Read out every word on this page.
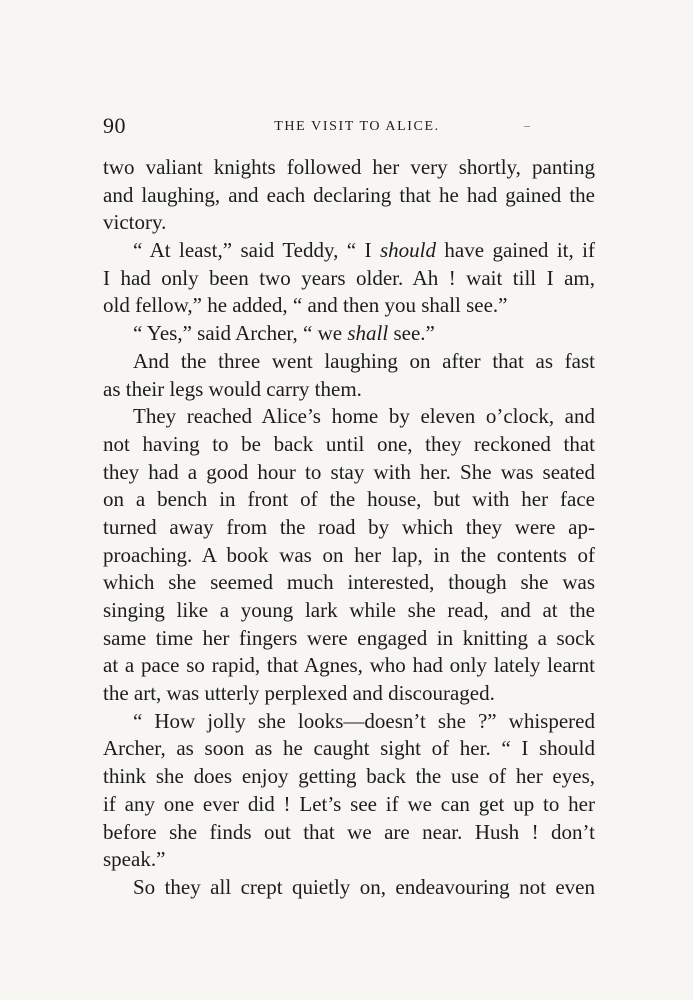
90	THE VISIT TO ALICE.
two valiant knights followed her very shortly, panting
and laughing, and each declaring that he had gained the
victory.
“ At least,” said Teddy, “ I should have gained it, if
I had only been two years older. Ah ! wait till I am,
old fellow,” he added, “ and then you shall see.”
“ Yes,” said Archer, “ we shall see.”
And the three went laughing on after that as fast
as their legs would carry them.
They reached Alice’s home by eleven o’clock, and
not having to be back until one, they reckoned that
they had a good hour to stay with her. She was seated
on a bench in front of the house, but with her face
turned away from the road by which they were ap-
proaching. A book was on her lap, in the contents of
which she seemed much interested, though she was
singing like a young lark while she read, and at the
same time her fingers were engaged in knitting a sock
at a pace so rapid, that Agnes, who had only lately learnt
the art, was utterly perplexed and discouraged.
“ How jolly she looks—doesn’t she ?” whispered
Archer, as soon as he caught sight of her. “ I should
think she does enjoy getting back the use of her eyes,
if any one ever did ! Let’s see if we can get up to her
before she finds out that we are near. Hush ! don’t
speak.”
So they all crept quietly on, endeavouring not even
